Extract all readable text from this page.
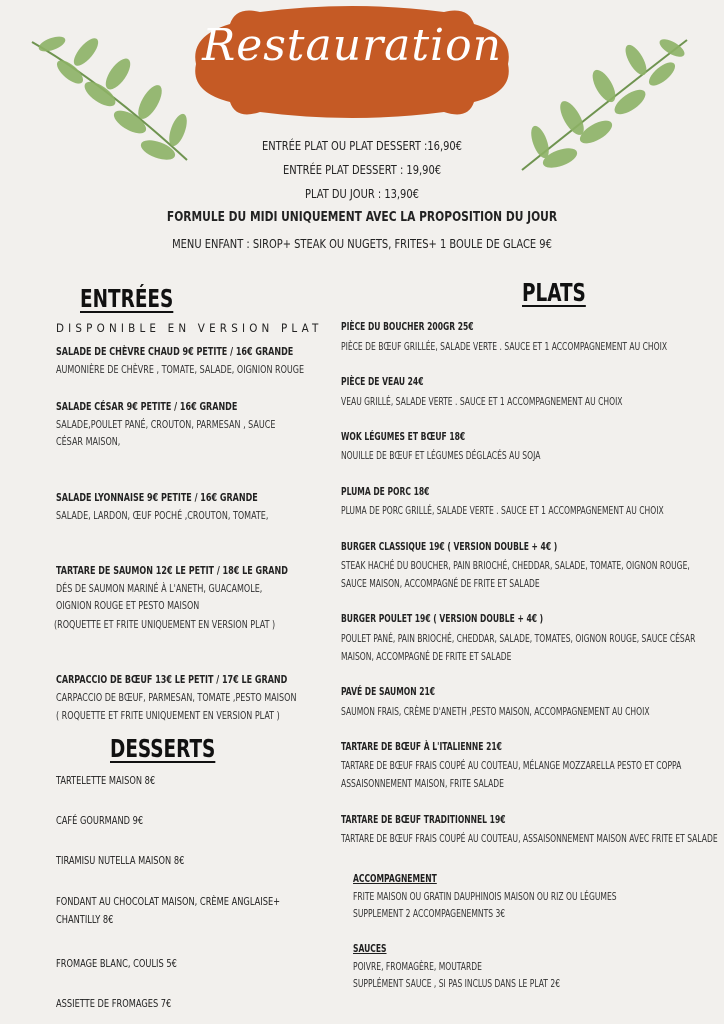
Restauration
ENTRÉE PLAT OU PLAT DESSERT :16,90€
ENTRÉE PLAT DESSERT : 19,90€
PLAT DU JOUR : 13,90€
FORMULE DU MIDI UNIQUEMENT AVEC LA PROPOSITION DU JOUR
MENU ENFANT : SIROP+ STEAK OU NUGETS, FRITES+ 1 BOULE DE GLACE 9€
ENTRÉES
DISPONIBLE EN VERSION PLAT
SALADE DE CHÈVRE CHAUD 9€ PETITE / 16€ GRANDE
AUMONIÈRE DE CHÈVRE , TOMATE, SALADE, OIGNION ROUGE
SALADE CÉSAR 9€ PETITE / 16€ GRANDE
SALADE,POULET PANÉ, CROUTON, PARMESAN , SAUCE CÉSAR MAISON,
SALADE LYONNAISE 9€ PETITE / 16€ GRANDE
SALADE, LARDON, ŒUF POCHÉ ,CROUTON, TOMATE,
TARTARE DE SAUMON 12€ LE PETIT / 18€ LE GRAND
DÉS DE SAUMON MARINÉ À L'ANETH, GUACAMOLE, OIGNION ROUGE ET PESTO MAISON
(ROQUETTE ET FRITE UNIQUEMENT EN VERSION PLAT )
CARPACCIO DE BŒUF 13€ LE PETIT / 17€ LE GRAND
CARPACCIO DE BŒUF, PARMESAN, TOMATE ,PESTO MAISON
( ROQUETTE ET FRITE UNIQUEMENT EN VERSION PLAT )
DESSERTS
TARTELETTE MAISON 8€
CAFÉ GOURMAND 9€
TIRAMISU NUTELLA MAISON 8€
FONDANT AU CHOCOLAT MAISON, CRÈME ANGLAISE+ CHANTILLY 8€
FROMAGE BLANC, COULIS 5€
ASSIETTE DE FROMAGES 7€
PLATS
PIÈCE DU BOUCHER 200GR 25€
PIÈCE DE BŒUF GRILLÉE, SALADE VERTE . SAUCE ET 1 ACCOMPAGNEMENT AU CHOIX
PIÈCE DE VEAU 24€
VEAU GRILLÉ, SALADE VERTE . SAUCE ET 1 ACCOMPAGNEMENT AU CHOIX
WOK LÉGUMES ET BŒUF 18€
NOUILLE DE BŒUF ET LÉGUMES DÉGLACÉS AU SOJA
PLUMA DE PORC 18€
PLUMA DE PORC GRILLÉ, SALADE VERTE . SAUCE ET 1 ACCOMPAGNEMENT AU CHOIX
BURGER CLASSIQUE 19€ ( VERSION DOUBLE + 4€ )
STEAK HACHÉ DU BOUCHER, PAIN BRIOCHÉ, CHEDDAR, SALADE, TOMATE, OIGNON ROUGE, SAUCE MAISON, ACCOMPAGNÉ DE FRITE ET SALADE
BURGER POULET 19€ ( VERSION DOUBLE + 4€ )
POULET PANÉ, PAIN BRIOCHÉ, CHEDDAR, SALADE, TOMATES, OIGNON ROUGE, SAUCE CÉSAR MAISON, ACCOMPAGNÉ DE FRITE ET SALADE
PAVÉ DE SAUMON 21€
SAUMON FRAIS, CRÈME D'ANETH ,PESTO MAISON, ACCOMPAGNEMENT AU CHOIX
TARTARE DE BŒUF À L'ITALIENNE 21€
TARTARE DE BŒUF FRAIS COUPÉ AU COUTEAU, MÉLANGE MOZZARELLA PESTO ET COPPA ASSAISONNEMENT MAISON, FRITE SALADE
TARTARE DE BŒUF TRADITIONNEL 19€
TARTARE DE BŒUF FRAIS COUPÉ AU COUTEAU, ASSAISONNEMENT MAISON AVEC FRITE ET SALADE
ACCOMPAGNEMENT
FRITE MAISON OU GRATIN DAUPHINOIS MAISON OU RIZ OU LÉGUMES
SUPPLEMENT 2 ACCOMPAGENEMNTS 3€
SAUCES
POIVRE, FROMAGÈRE, MOUTARDE
SUPPLÉMENT SAUCE , SI PAS INCLUS DANS LE PLAT 2€
